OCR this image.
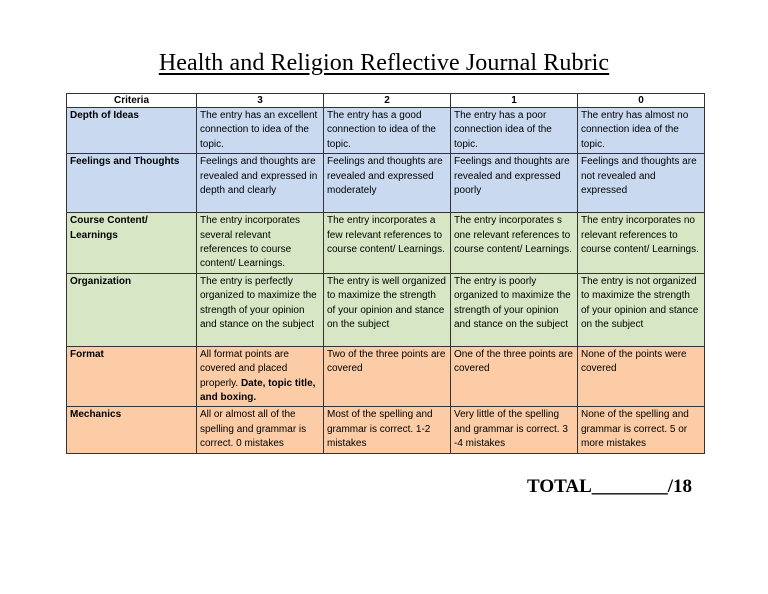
Health and Religion Reflective Journal Rubric
Criteria	3	2	1	0
Depth of Ideas	The entry has an excellent connection to idea of the topic.	The entry has a good connection to idea of the topic.	The entry has a poor connection idea of the topic.	The entry has almost no connection idea of the topic.
Feelings and Thoughts	Feelings and thoughts are revealed and expressed in depth and clearly	Feelings and thoughts are revealed and expressed moderately	Feelings and thoughts are revealed and expressed poorly	Feelings and thoughts are not revealed and expressed
Course Content/ Learnings	The entry incorporates several relevant references to course content/ Learnings.	The entry incorporates a few relevant references to course content/ Learnings.	The entry incorporates s one relevant references to course content/ Learnings.	The entry incorporates no relevant references to course content/ Learnings.
Organization	The entry is perfectly organized to maximize the strength of your opinion and stance on the subject	The entry is well organized to maximize the strength of your opinion and stance on the subject	The entry is poorly organized to maximize the strength of your opinion and stance on the subject	The entry is not organized to maximize the strength of your opinion and stance on the subject
Format	All format points are covered and placed properly. Date, topic title, and boxing.	Two of the three points are covered	One of the three points are covered	None of the points were covered
Mechanics	All or almost all of the spelling and grammar is correct. 0 mistakes	Most of the spelling and grammar is correct. 1-2 mistakes	Very little of the spelling and grammar is correct. 3 -4 mistakes	None of the spelling and grammar is correct. 5 or more mistakes
TOTAL________/18
